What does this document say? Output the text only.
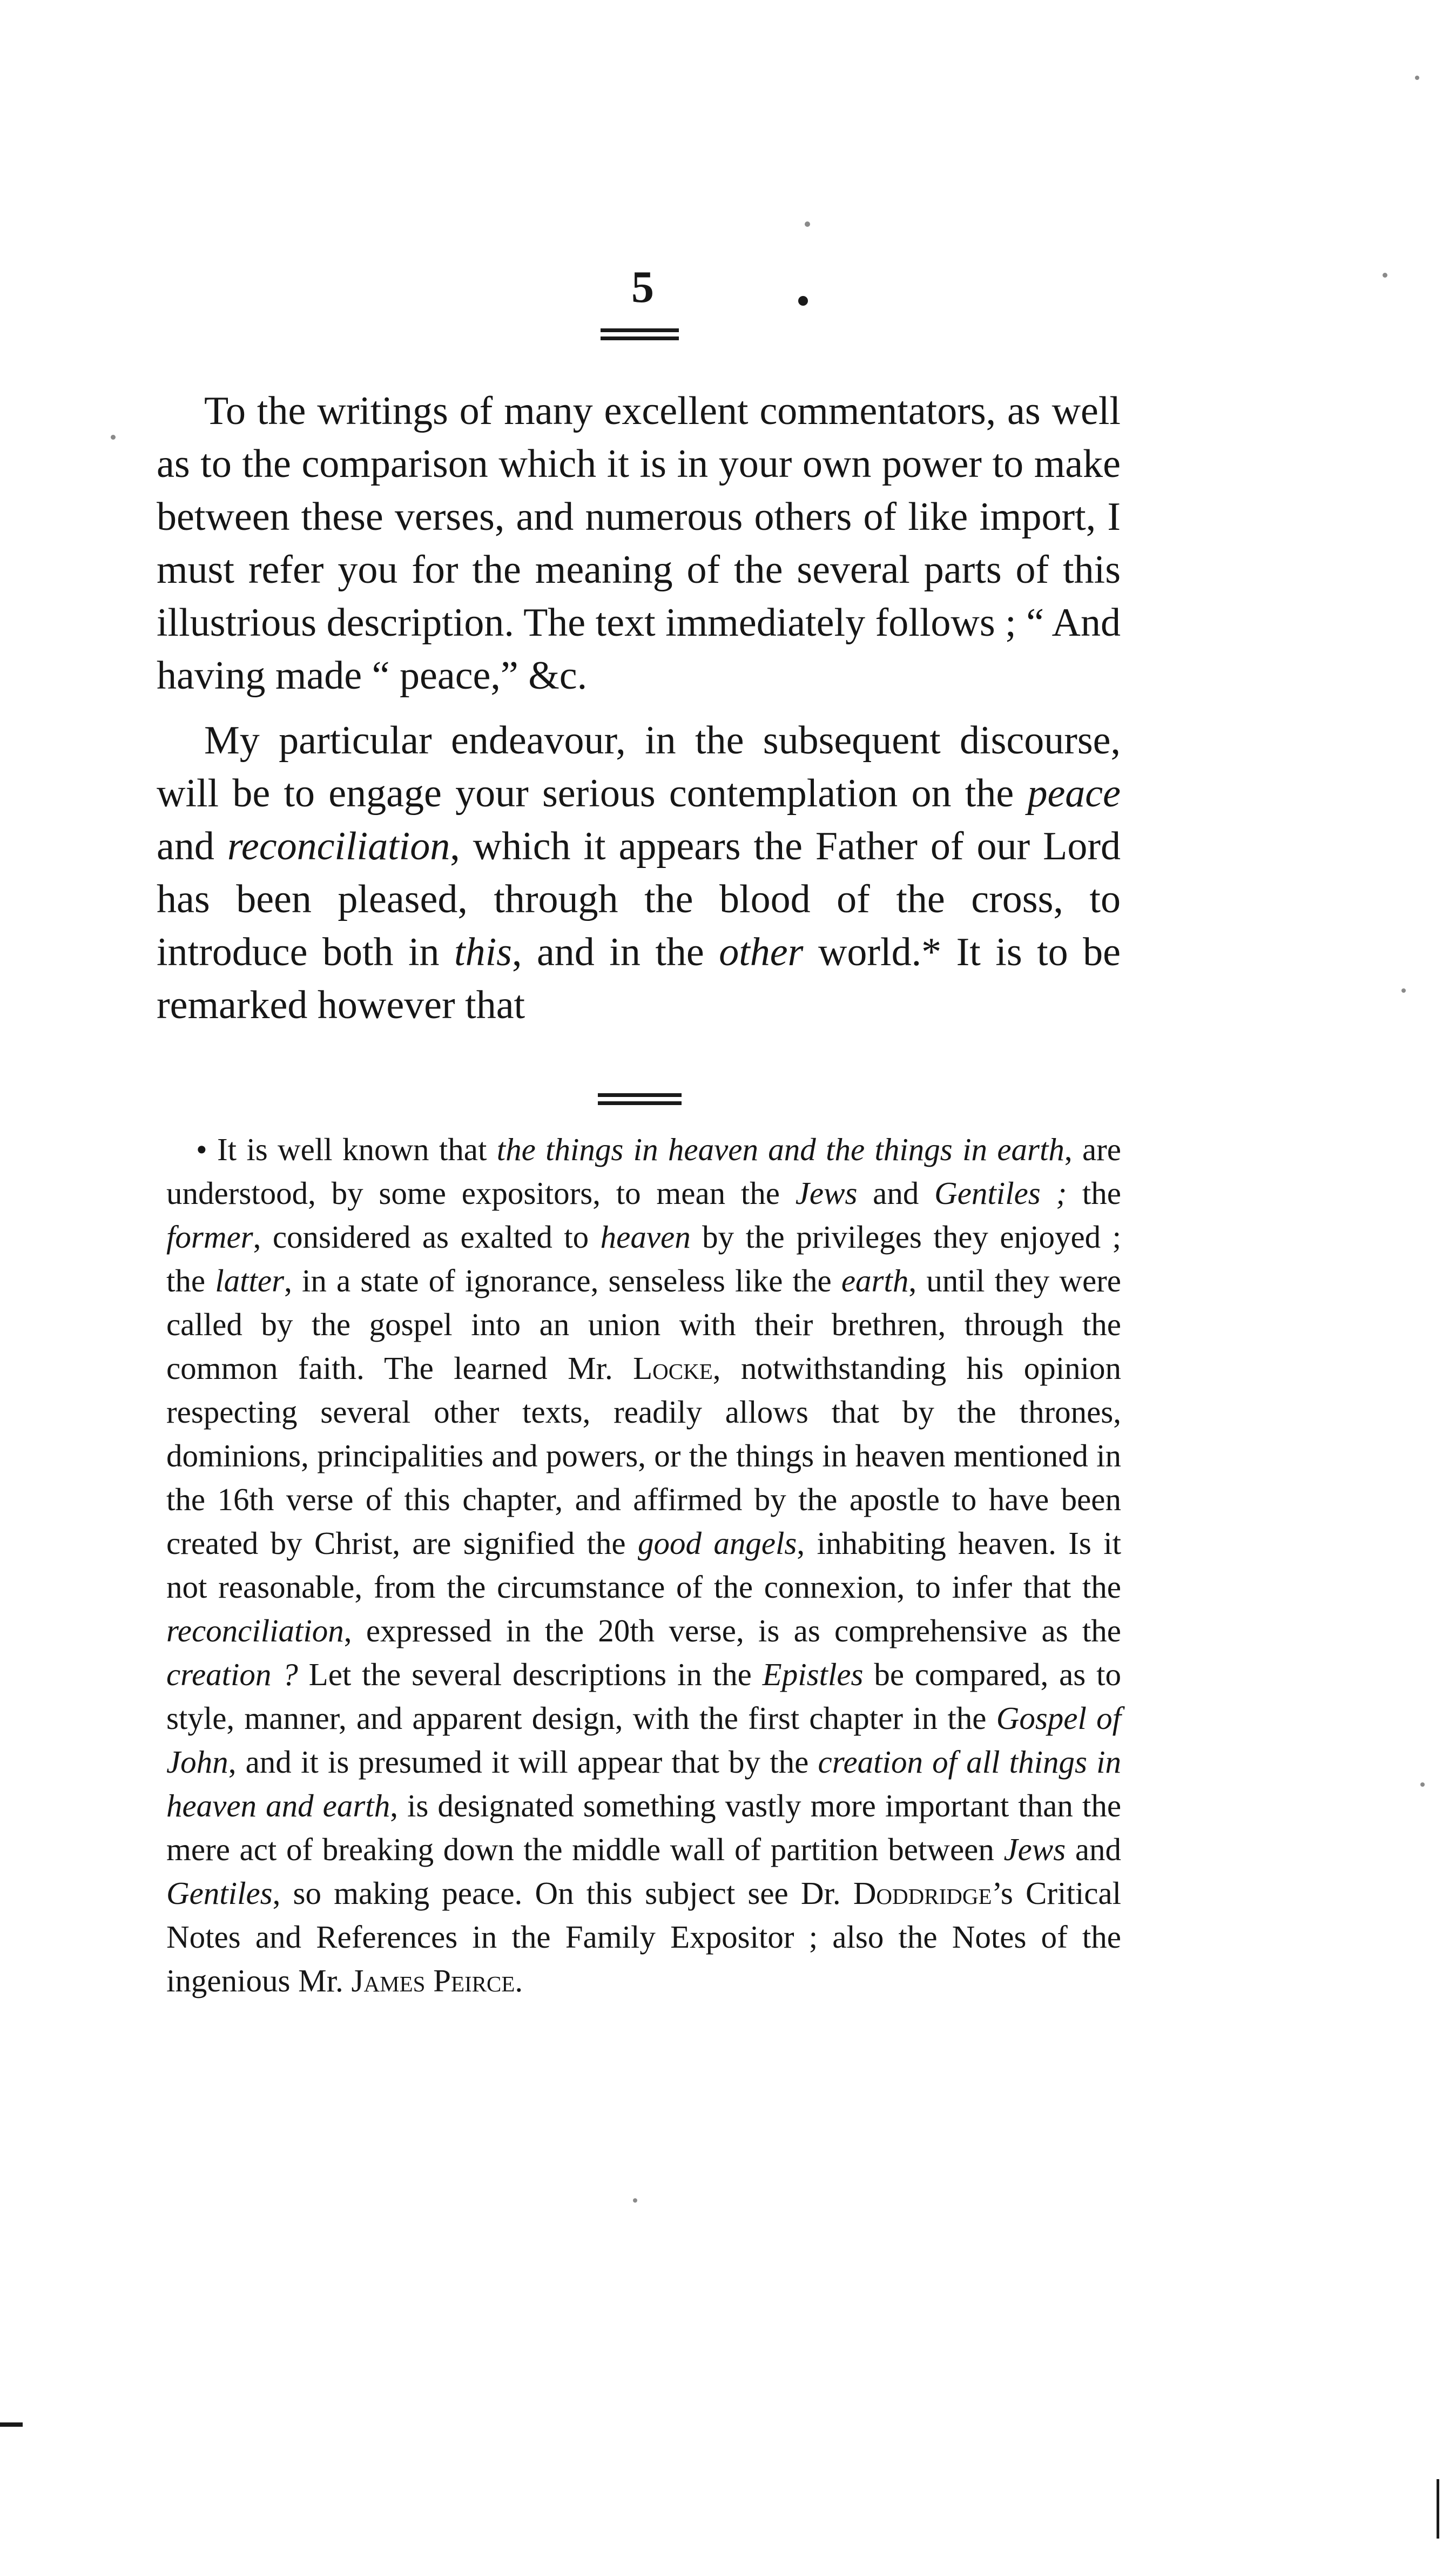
5

To the writings of many excellent commentators, as well as to the comparison which it is in your own power to make between these verses, and numerous others of like import, I must refer you for the meaning of the several parts of this illustrious description. The text immediately follows ; “ And having made “ peace,” &c.

My particular endeavour, in the subsequent discourse, will be to engage your serious contemplation on the peace and reconciliation, which it appears the Father of our Lord has been pleased, through the blood of the cross, to introduce both in this, and in the other world.* It is to be remarked however that

• It is well known that the things in heaven and the things in earth, are understood, by some expositors, to mean the Jews and Gentiles ; the former, considered as exalted to heaven by the privileges they enjoyed ; the latter, in a state of ignorance, senseless like the earth, until they were called by the gospel into an union with their brethren, through the common faith. The learned Mr. Locke, notwithstanding his opinion respecting several other texts, readily allows that by the thrones, dominions, principalities and powers, or the things in heaven mentioned in the 16th verse of this chapter, and affirmed by the apostle to have been created by Christ, are signified the good angels, inhabiting heaven. Is it not reasonable, from the circumstance of the connexion, to infer that the reconciliation, expressed in the 20th verse, is as comprehensive as the creation ? Let the several descriptions in the Epistles be compared, as to style, manner, and apparent design, with the first chapter in the Gospel of John, and it is presumed it will appear that by the creation of all things in heaven and earth, is designated something vastly more important than the mere act of breaking down the middle wall of partition between Jews and Gentiles, so making peace. On this subject see Dr. Doddridge’s Critical Notes and References in the Family Expositor ; also the Notes of the ingenious Mr. James Peirce.
